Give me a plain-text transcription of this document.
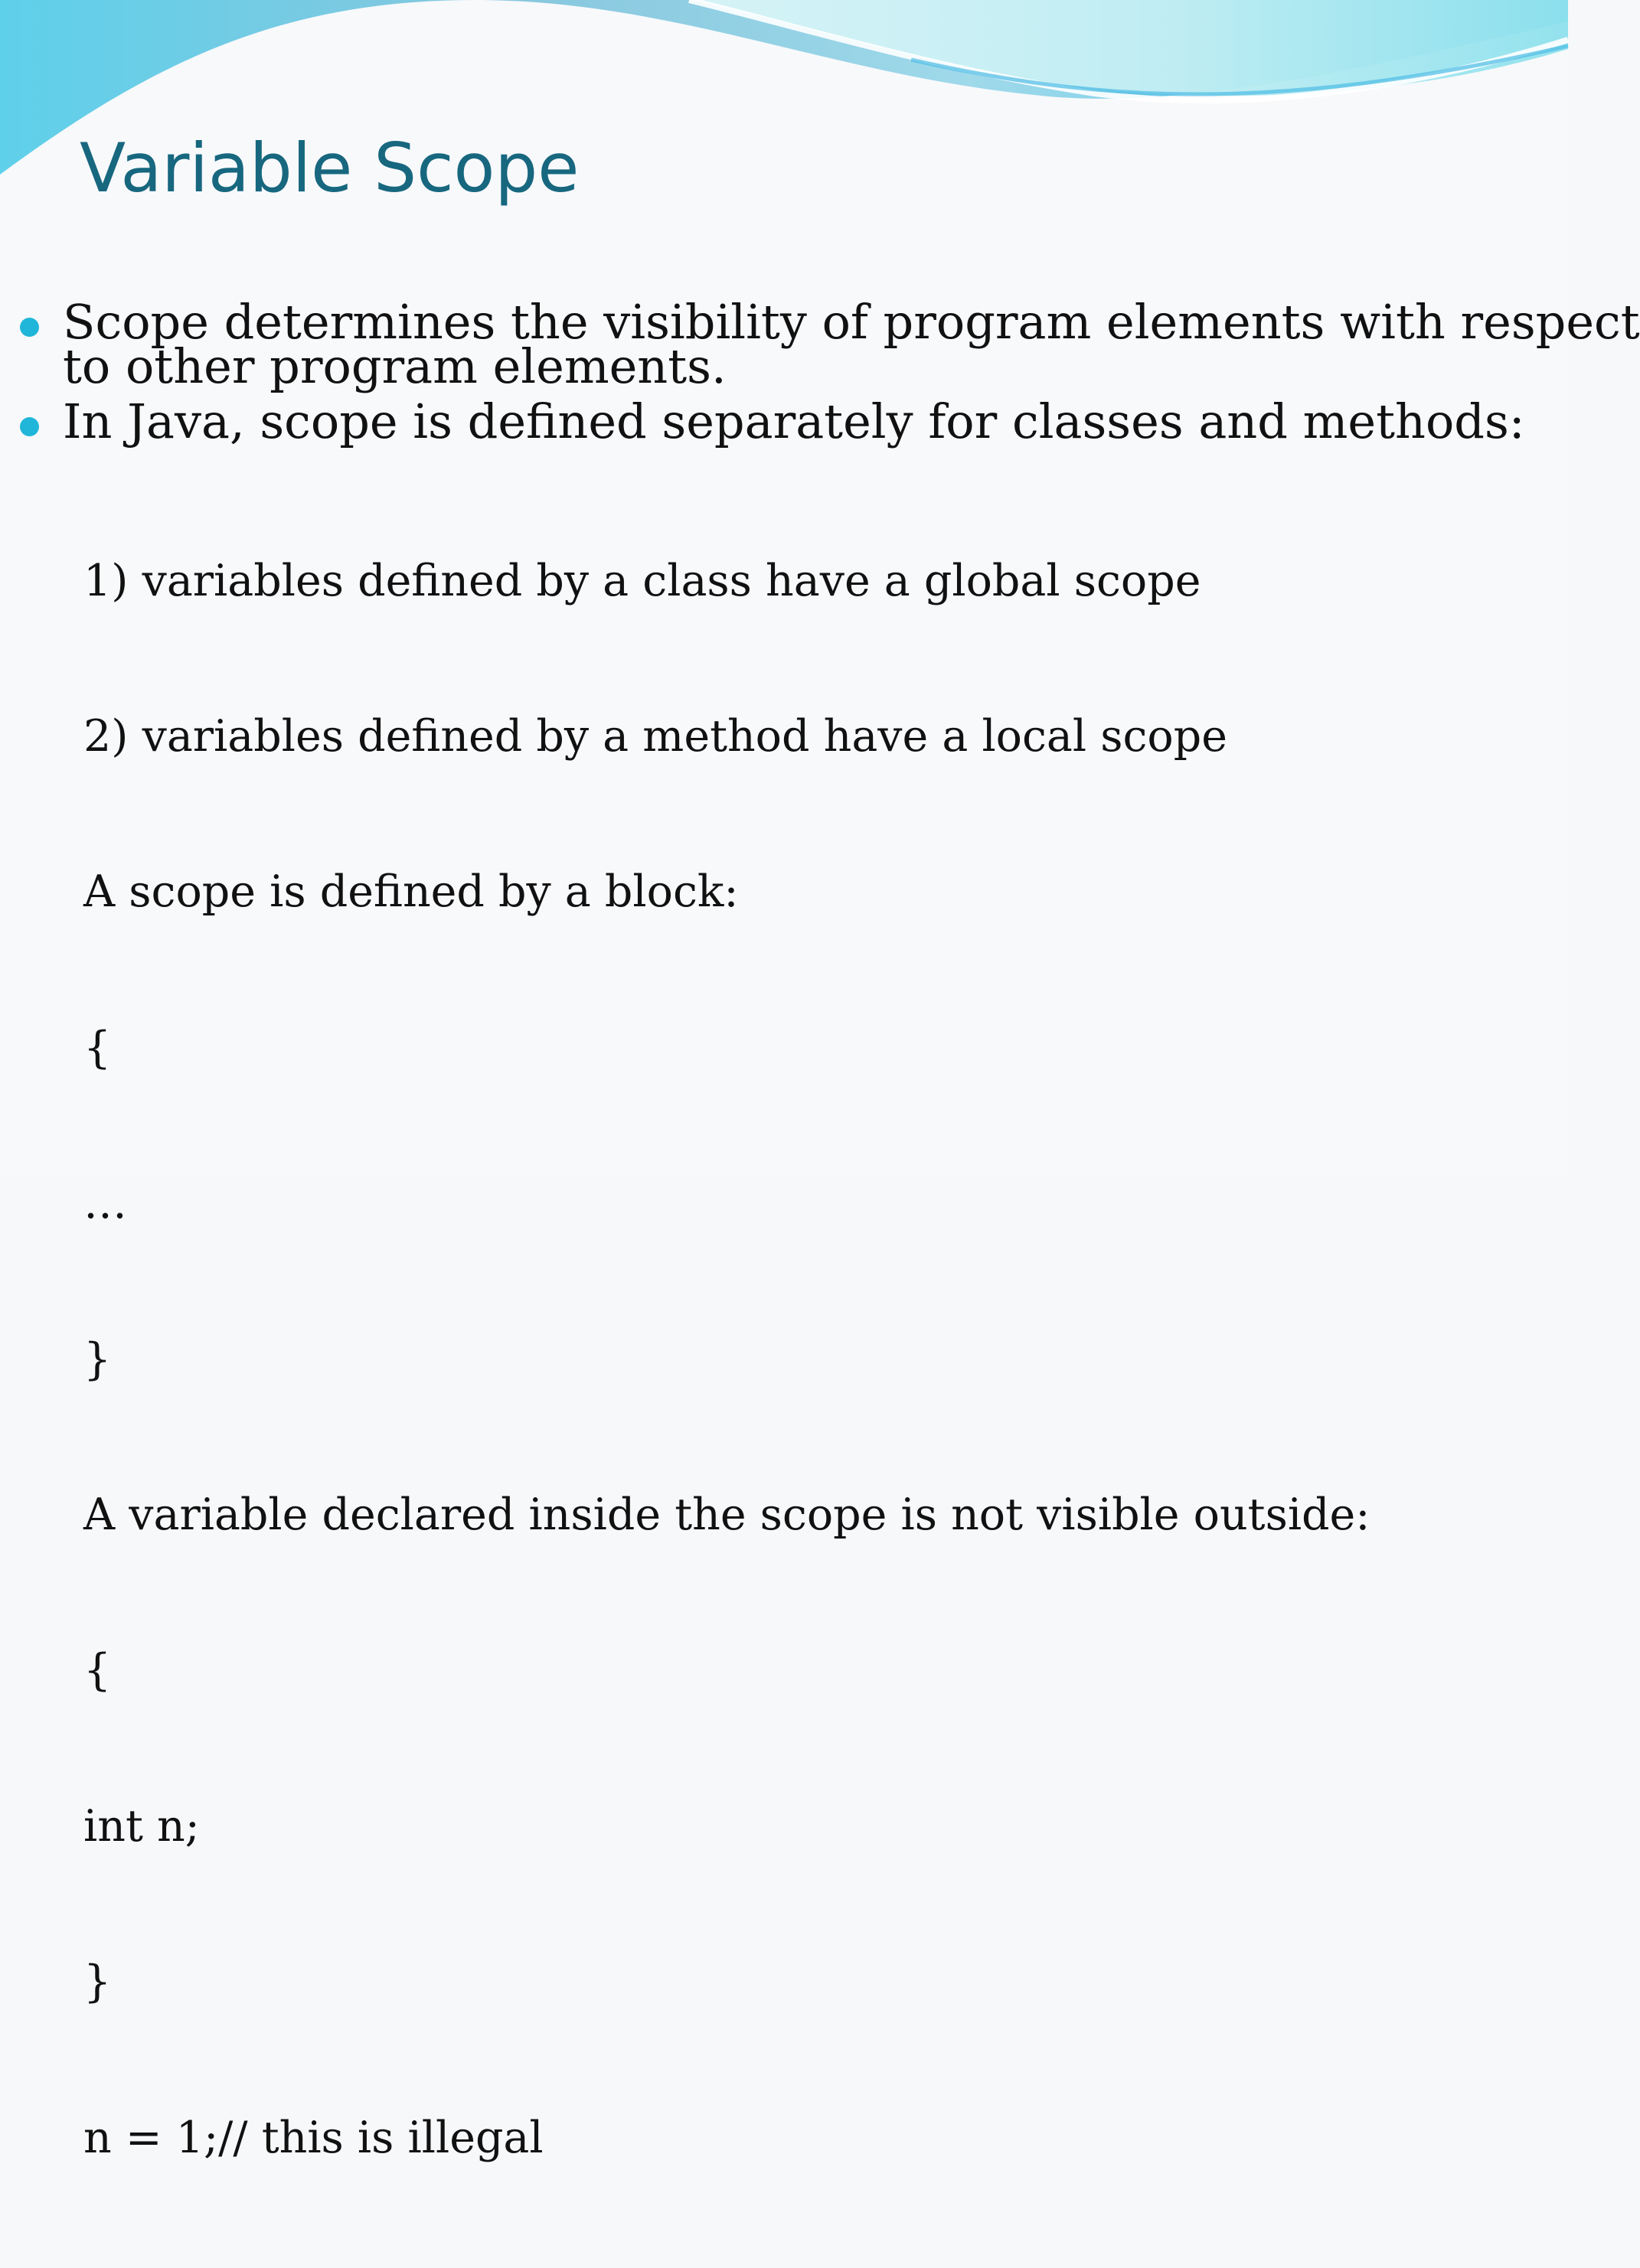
Variable Scope
Scope determines the visibility of program elements with respect
to other program elements.
In Java, scope is defined separately for classes and methods:

1) variables defined by a class have a global scope

2) variables defined by a method have a local scope

A scope is defined by a block:

{

…

}

A variable declared inside the scope is not visible outside:

{

int n;

}

n = 1;// this is illegal
